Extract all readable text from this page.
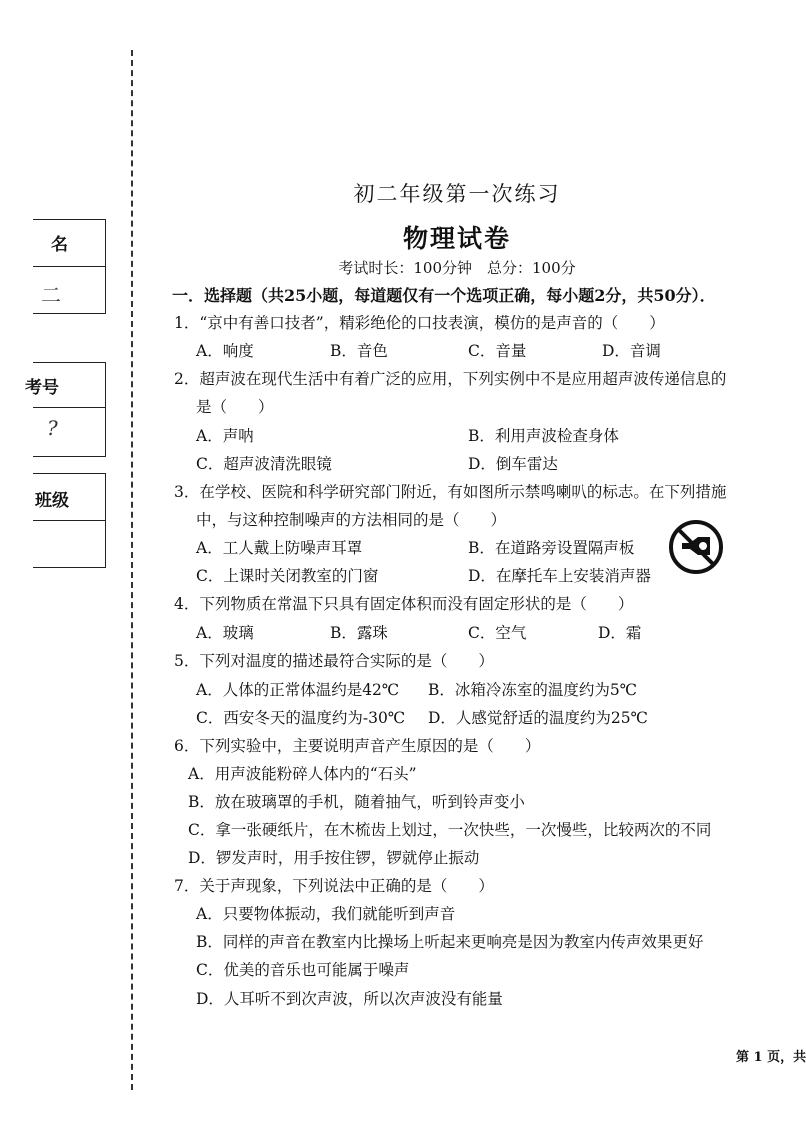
名
二
考号
?
班级
初二年级第一次练习
物理试卷
考试时长：100分钟　总分：100分
一．选择题（共25小题，每道题仅有一个选项正确，每小题2分，共50分）．
1．“京中有善口技者”，精彩绝伦的口技表演，模仿的是声音的（　　）
A．响度	B．音色	C．音量	D．音调
2．超声波在现代生活中有着广泛的应用，下列实例中不是应用超声波传递信息的
是（　　）
A．声呐	B．利用声波检查身体
C．超声波清洗眼镜	D．倒车雷达
3．在学校、医院和科学研究部门附近，有如图所示禁鸣喇叭的标志。在下列措施
中，与这种控制噪声的方法相同的是（　　）
A．工人戴上防噪声耳罩	B．在道路旁设置隔声板
C．上课时关闭教室的门窗	D．在摩托车上安装消声器
4．下列物质在常温下只具有固定体积而没有固定形状的是（　　）
A．玻璃	B．露珠	C．空气	D．霜
5．下列对温度的描述最符合实际的是（　　）
A．人体的正常体温约是42℃ B．冰箱冷冻室的温度约为5℃
C．西安冬天的温度约为-30℃ D．人感觉舒适的温度约为25℃
6．下列实验中，主要说明声音产生原因的是（　　）
A．用声波能粉碎人体内的“石头”
B．放在玻璃罩的手机，随着抽气，听到铃声变小
C．拿一张硬纸片，在木梳齿上划过，一次快些，一次慢些，比较两次的不同
D．锣发声时，用手按住锣，锣就停止振动
7．关于声现象，下列说法中正确的是（　　）
A．只要物体振动，我们就能听到声音
B．同样的声音在教室内比操场上听起来更响亮是因为教室内传声效果更好
C．优美的音乐也可能属于噪声
D．人耳听不到次声波，所以次声波没有能量
第 1 页，共
